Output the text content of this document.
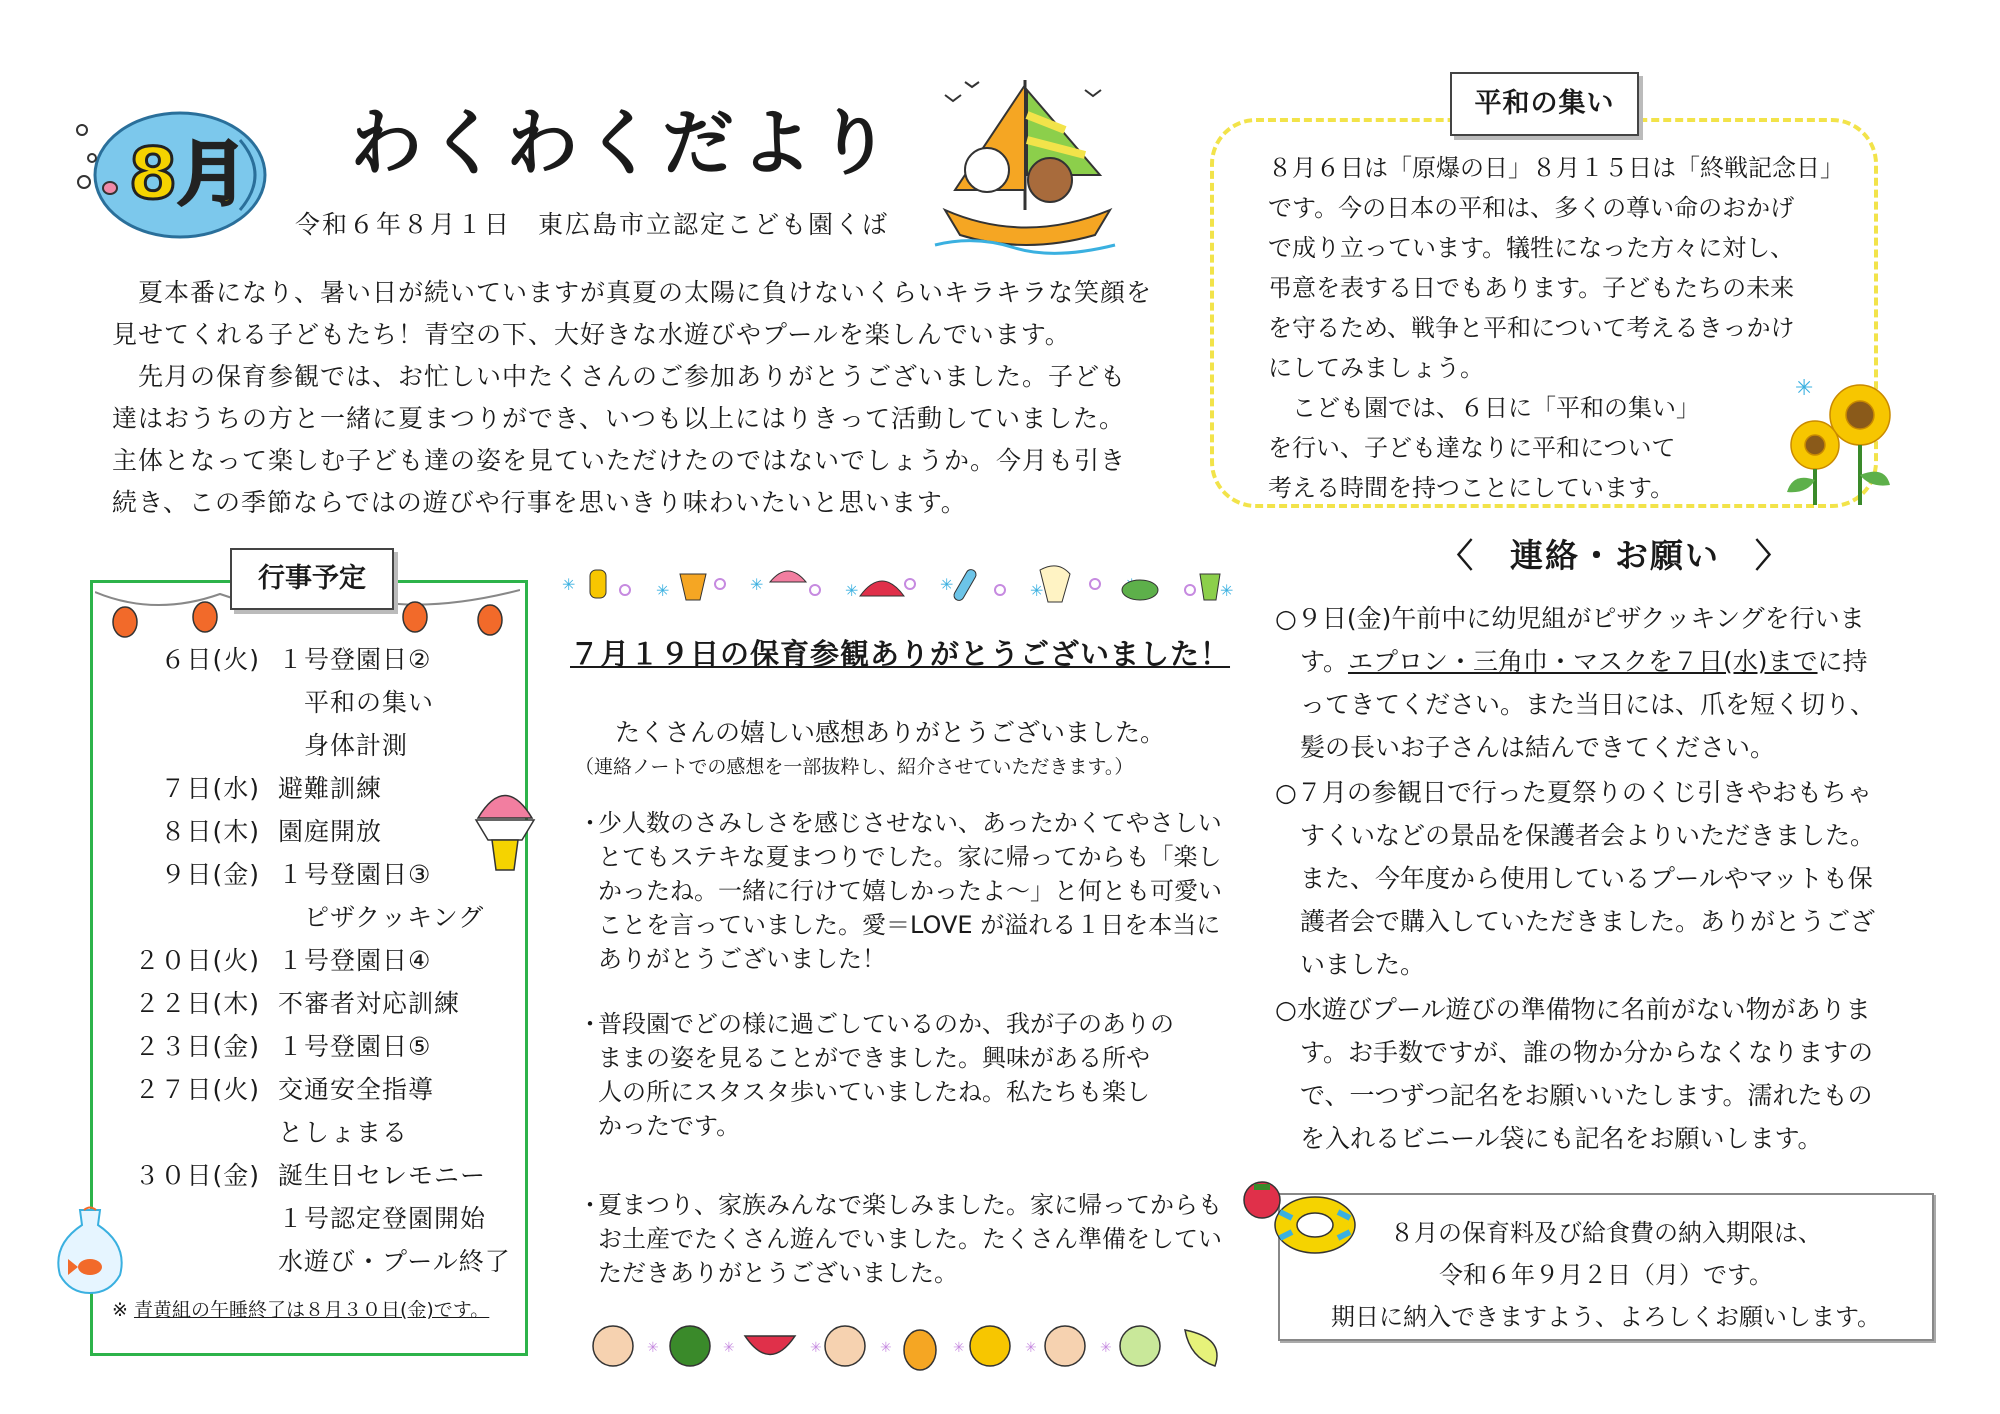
8月 わくわくだより
令和６年８月１日　東広島市立認定こども園くば

　夏本番になり、暑い日が続いていますが真夏の太陽に負けないくらいキラキラな笑顔を

見せてくれる子どもたち！青空の下、大好きな水遊びやプールを楽しんでいます。

　先月の保育参観では、お忙しい中たくさんのご参加ありがとうございました。子ども

達はおうちの方と一緒に夏まつりができ、いつも以上にはりきって活動していました。

主体となって楽しむ子ども達の姿を見ていただけたのではないでしょうか。今月も引き

続き、この季節ならではの遊びや行事を思いきり味わいたいと思います。

平和の集い

８月６日は「原爆の日」８月１５日は「終戦記念日」

です。今の日本の平和は、多くの尊い命のおかげ

で成り立っています。犠牲になった方々に対し、

弔意を表する日でもあります。子どもたちの未来

を守るため、戦争と平和について考えるきっかけ

にしてみましょう。

　こども園では、６日に「平和の集い」

を行い、子ども達なりに平和について

考える時間を持つことにしています。

✳
行事予定
６日(火) １号登園日②
　平和の集い
　身体計測
７日(水) 避難訓練
８日(木) 園庭開放
９日(金) １号登園日③
　ピザクッキング
２０日(火) １号登園日④
２２日(木) 不審者対応訓練
２３日(金) １号登園日⑤
２７日(火) 交通安全指導
としょまる
３０日(金) 誕生日セレモニー
１号認定登園開始
水遊び・プール終了
※ 青黄組の午睡終了は８月３０日(金)です。
✳	✳	✳	✳	✳	✳	✳
７月１９日の保育参観ありがとうございました！
たくさんの嬉しい感想ありがとうございました。
（連絡ノートでの感想を一部抜粋し、紹介させていただきます。）
・
少人数のさみしさを感じさせない、あったかくてやさしい
とてもステキな夏まつりでした。家に帰ってからも「楽し
かったね。一緒に行けて嬉しかったよ～」と何とも可愛い
ことを言っていました。愛＝LOVE が溢れる１日を本当に
ありがとうございました！
・
普段園でどの様に過ごしているのか、我が子のありの
ままの姿を見ることができました。興味がある所や
人の所にスタスタ歩いていましたね。私たちも楽し
かったです。
・
夏まつり、家族みんなで楽しみました。家に帰ってからも
お土産でたくさん遊んでいました。たくさん準備をしてい
ただきありがとうございました。
✳	✳	✳	✳	✳	✳	✳
〈　連絡・お願い　〉
○９日(金)午前中に幼児組がピザクッキングを行いま
す。エプロン・三角巾・マスクを７日(水)までに持
ってきてください。また当日には、爪を短く切り、
髪の長いお子さんは結んできてください。
○７月の参観日で行った夏祭りのくじ引きやおもちゃ
すくいなどの景品を保護者会よりいただきました。
また、今年度から使用しているプールやマットも保
護者会で購入していただきました。ありがとうござ
いました。
○水遊びプール遊びの準備物に名前がない物がありま
す。お手数ですが、誰の物か分からなくなりますの
で、一つずつ記名をお願いいたします。濡れたもの
を入れるビニール袋にも記名をお願いします。
８月の保育料及び給食費の納入期限は、
令和６年９月２日（月）です。
期日に納入できますよう、よろしくお願いします。
